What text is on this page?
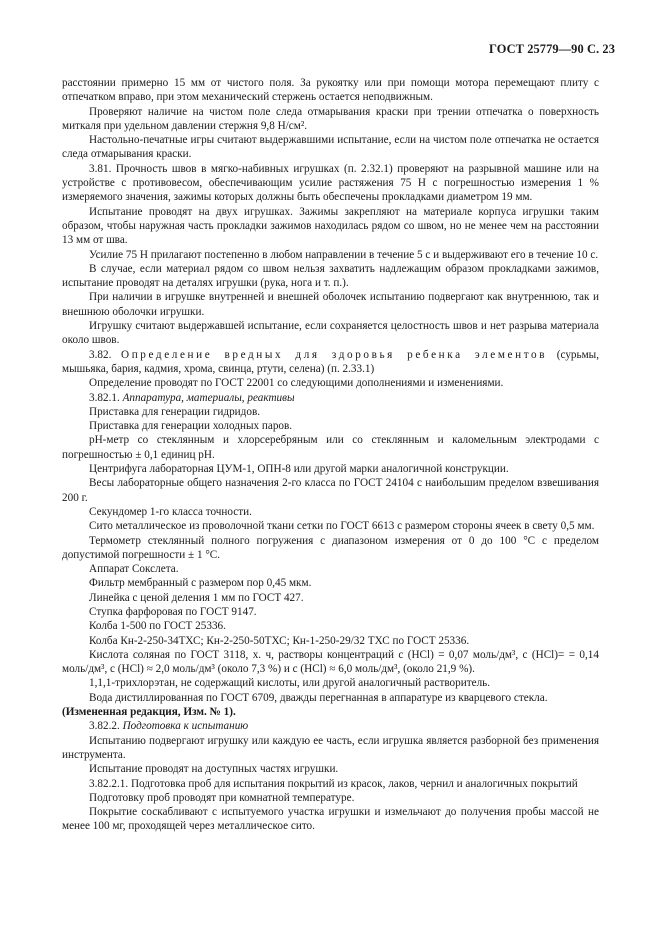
ГОСТ 25779—90 С. 23

расстоянии примерно 15 мм от чистого поля. За рукоятку или при помощи мотора перемещают плиту с отпечатком вправо, при этом механический стержень остается неподвижным.

Проверяют наличие на чистом поле следа отмарывания краски при трении отпечатка о поверхность миткаля при удельном давлении стержня 9,8 Н/см².

Настольно-печатные игры считают выдержавшими испытание, если на чистом поле отпечатка не остается следа отмарывания краски.

3.81. Прочность швов в мягко-набивных игрушках (п. 2.32.1) проверяют на разрывной машине или на устройстве с противовесом, обеспечивающим усилие растяжения 75 Н с погрешностью измерения 1 % измеряемого значения, зажимы которых должны быть обеспечены прокладками диаметром 19 мм.

Испытание проводят на двух игрушках. Зажимы закрепляют на материале корпуса игрушки таким образом, чтобы наружная часть прокладки зажимов находилась рядом со швом, но не менее чем на расстоянии 13 мм от шва.

Усилие 75 Н прилагают постепенно в любом направлении в течение 5 с и выдерживают его в течение 10 с.

В случае, если материал рядом со швом нельзя захватить надлежащим образом прокладками зажимов, испытание проводят на деталях игрушки (рука, нога и т. п.).

При наличии в игрушке внутренней и внешней оболочек испытанию подвергают как внутреннюю, так и внешнюю оболочки игрушки.

Игрушку считают выдержавшей испытание, если сохраняется целостность швов и нет разрыва материала около швов.

3.82. Определение вредных для здоровья ребенка элементов (сурьмы, мышьяка, бария, кадмия, хрома, свинца, ртути, селена) (п. 2.33.1)

Определение проводят по ГОСТ 22001 со следующими дополнениями и изменениями.

3.82.1. Аппаратура, материалы, реактивы

Приставка для генерации гидридов.

Приставка для генерации холодных паров.

рН-метр со стеклянным и хлорсеребряным или со стеклянным и каломельным электродами с погрешностью ± 0,1 единиц рН.

Центрифуга лабораторная ЦУМ-1, ОПН-8 или другой марки аналогичной конструкции.

Весы лабораторные общего назначения 2-го класса по ГОСТ 24104 с наибольшим пределом взвешивания 200 г.

Секундомер 1-го класса точности.

Сито металлическое из проволочной ткани сетки по ГОСТ 6613 с размером стороны ячеек в свету 0,5 мм.

Термометр стеклянный полного погружения с диапазоном измерения от 0 до 100 °С с пределом допустимой погрешности ± 1 °С.

Аппарат Сокслета.

Фильтр мембранный с размером пор 0,45 мкм.

Линейка с ценой деления 1 мм по ГОСТ 427.

Ступка фарфоровая по ГОСТ 9147.

Колба 1-500 по ГОСТ 25336.

Колба Кн-2-250-34ТХС; Кн-2-250-50ТХС; Кн-1-250-29/32 ТХС по ГОСТ 25336.

Кислота соляная по ГОСТ 3118, х. ч, растворы концентраций с (HCl) = 0,07 моль/дм³, с (HCl)= = 0,14 моль/дм³, с (HCl) ≈ 2,0 моль/дм³ (около 7,3 %) и с (HCl) ≈ 6,0 моль/дм³, (около 21,9 %).

1,1,1-трихлорэтан, не содержащий кислоты, или другой аналогичный растворитель.

Вода дистиллированная по ГОСТ 6709, дважды перегнанная в аппаратуре из кварцевого стекла.

(Измененная редакция, Изм. № 1).

3.82.2. Подготовка к испытанию

Испытанию подвергают игрушку или каждую ее часть, если игрушка является разборной без применения инструмента.

Испытание проводят на доступных частях игрушки.

3.82.2.1. Подготовка проб для испытания покрытий из красок, лаков, чернил и аналогичных покрытий

Подготовку проб проводят при комнатной температуре.

Покрытие соскабливают с испытуемого участка игрушки и измельчают до получения пробы массой не менее 100 мг, проходящей через металлическое сито.
